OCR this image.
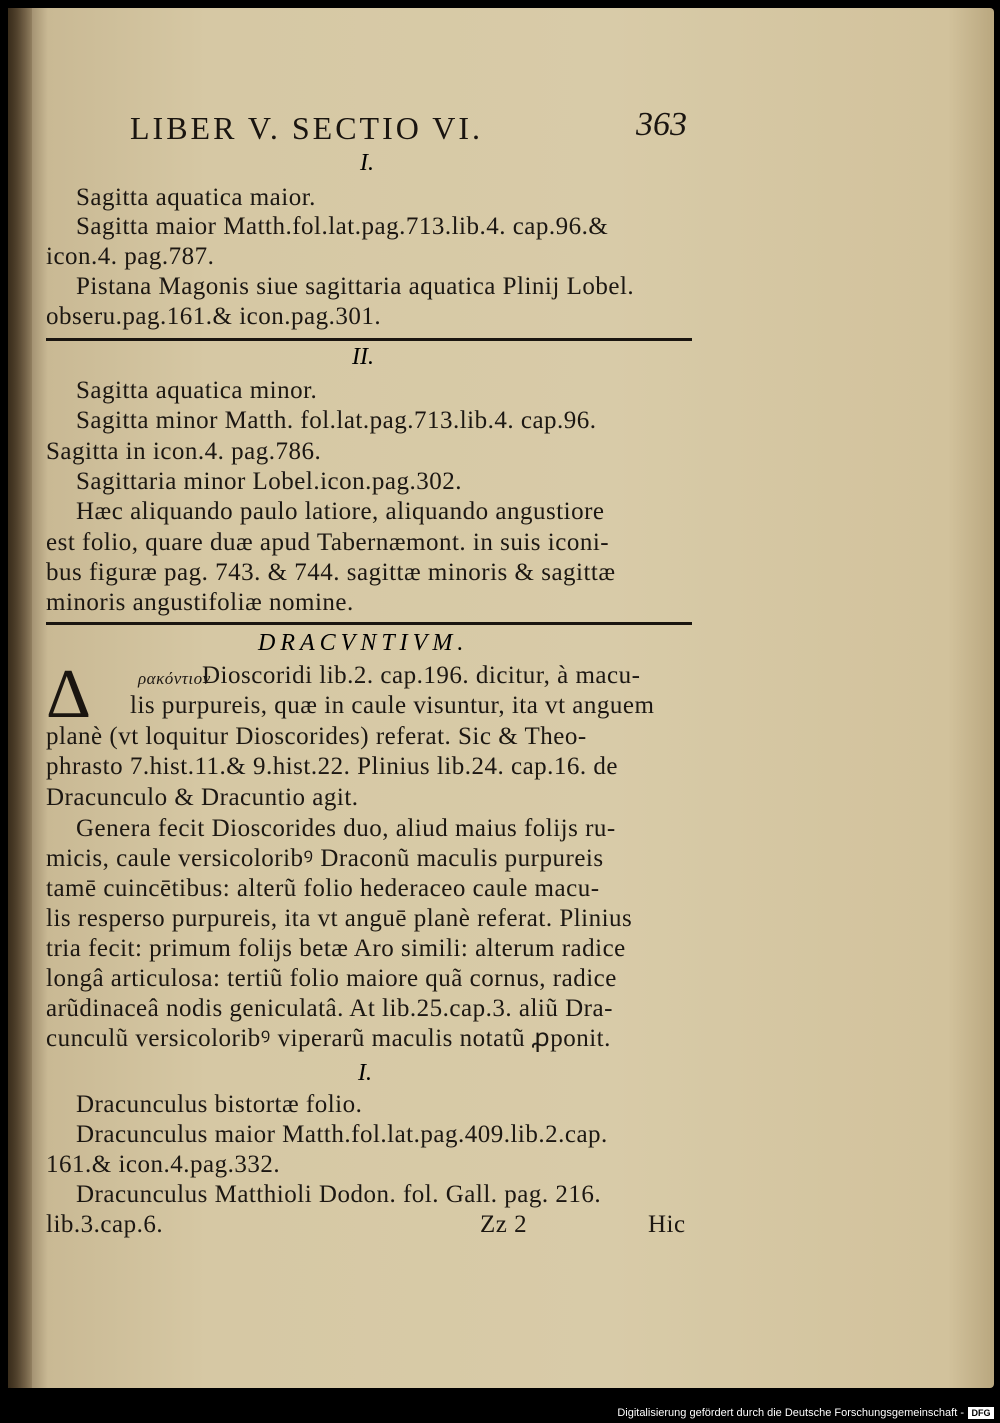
LIBER V. SECTIO VI.	363
I.
Sagitta aquatica maior.
Sagitta maior Matth.fol.lat.pag.713.lib.4. cap.96.&
icon.4. pag.787.
Pistana Magonis siue sagittaria aquatica Plinij Lobel.
obseru.pag.161.& icon.pag.301.
II.
Sagitta aquatica minor.
Sagitta minor Matth. fol.lat.pag.713.lib.4. cap.96.
Sagitta in icon.4. pag.786.
Sagittaria minor Lobel.icon.pag.302.
Hæc aliquando paulo latiore, aliquando angustiore
est folio, quare duæ apud Tabernæmont. in suis iconi-
bus figuræ pag. 743. & 744. sagittæ minoris & sagittæ
minoris angustifoliæ nomine.
DRACVNTIVM.
Δ	ρακόντιον
Dioscoridi lib.2. cap.196. dicitur, à macu-
lis purpureis, quæ in caule visuntur, ita vt anguem
planè (vt loquitur Dioscorides) referat. Sic & Theo-
phrasto 7.hist.11.& 9.hist.22. Plinius lib.24. cap.16. de
Dracunculo & Dracuntio agit.
Genera fecit Dioscorides duo, aliud maius folijs ru-
micis, caule versicoloribꝰ Draconũ maculis purpureis
tamē cuincētibus: alterũ folio hederaceo caule macu-
lis resperso purpureis, ita vt anguē planè referat. Plinius
tria fecit: primum folijs betæ Aro simili: alterum radice
longâ articulosa: tertiũ folio maiore quã cornus, radice
arũdinaceâ nodis geniculatâ. At lib.25.cap.3. aliũ Dra-
cunculũ versicoloribꝰ viperarũ maculis notatũ ꝓponit.
I.
Dracunculus bistortæ folio.
Dracunculus maior Matth.fol.lat.pag.409.lib.2.cap.
161.& icon.4.pag.332.
Dracunculus Matthioli Dodon. fol. Gall. pag. 216.
lib.3.cap.6.	Zz 2	Hic
Digitalisierung gefördert durch die Deutsche Forschungsgemeinschaft - DFG
